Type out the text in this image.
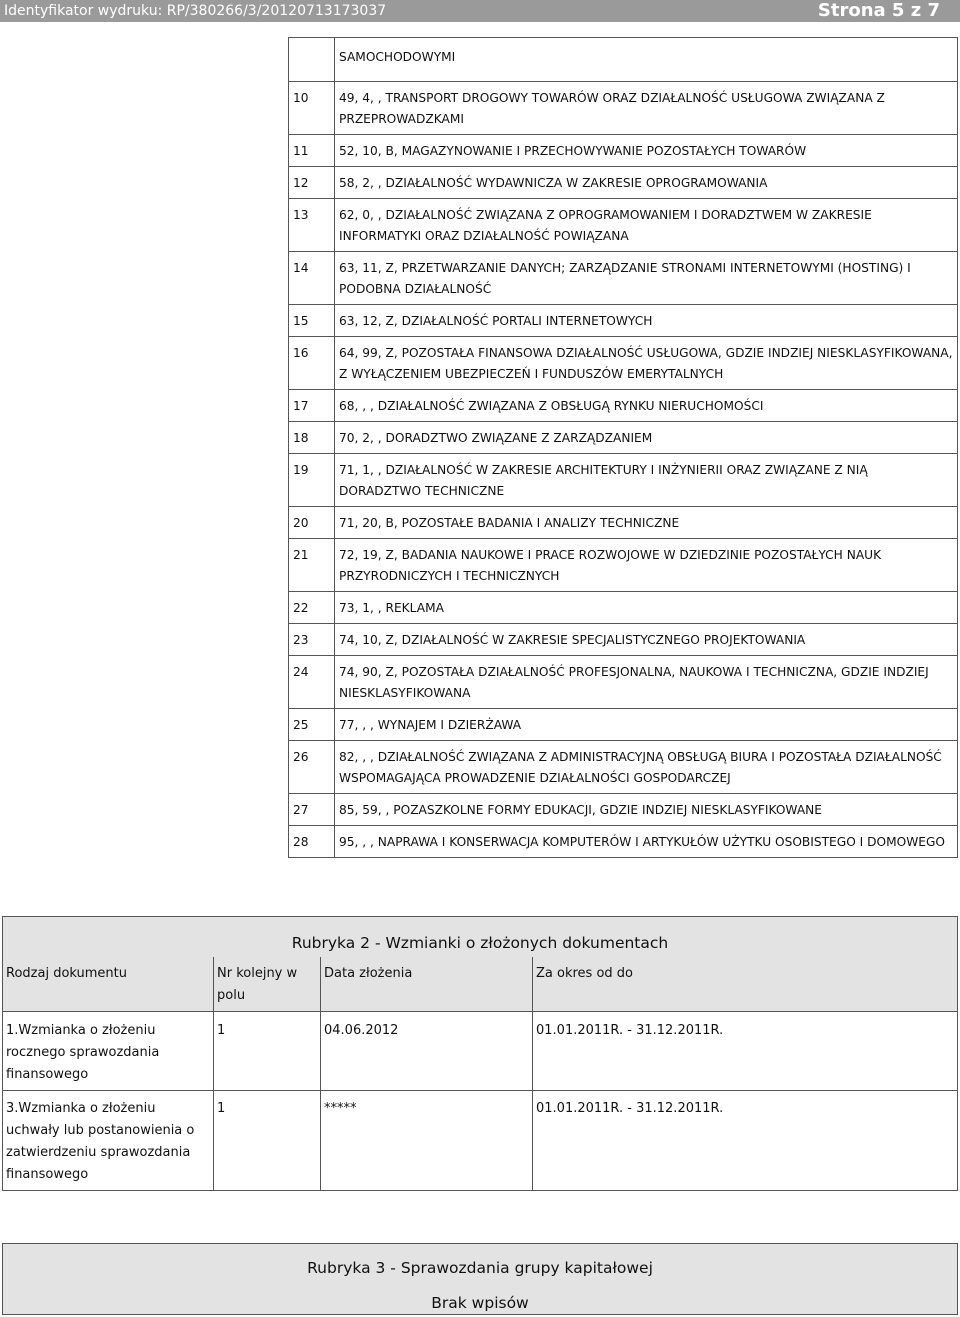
Identyfikator wydruku: RP/380266/3/20120713173037	Strona 5 z 7
	SAMOCHODOWYMI
10	49, 4, , TRANSPORT DROGOWY TOWARÓW ORAZ DZIAŁALNOŚĆ USŁUGOWA ZWIĄZANA Z PRZEPROWADZKAMI
11	52, 10, B, MAGAZYNOWANIE I PRZECHOWYWANIE POZOSTAŁYCH TOWARÓW
12	58, 2, , DZIAŁALNOŚĆ WYDAWNICZA W ZAKRESIE OPROGRAMOWANIA
13	62, 0, , DZIAŁALNOŚĆ ZWIĄZANA Z OPROGRAMOWANIEM I DORADZTWEM W ZAKRESIE INFORMATYKI ORAZ DZIAŁALNOŚĆ POWIĄZANA
14	63, 11, Z, PRZETWARZANIE DANYCH; ZARZĄDZANIE STRONAMI INTERNETOWYMI (HOSTING) I PODOBNA DZIAŁALNOŚĆ
15	63, 12, Z, DZIAŁALNOŚĆ PORTALI INTERNETOWYCH
16	64, 99, Z, POZOSTAŁA FINANSOWA DZIAŁALNOŚĆ USŁUGOWA, GDZIE INDZIEJ NIESKLASYFIKOWANA, Z WYŁĄCZENIEM UBEZPIECZEŃ I FUNDUSZÓW EMERYTALNYCH
17	68, , , DZIAŁALNOŚĆ ZWIĄZANA Z OBSŁUGĄ RYNKU NIERUCHOMOŚCI
18	70, 2, , DORADZTWO ZWIĄZANE Z ZARZĄDZANIEM
19	71, 1, , DZIAŁALNOŚĆ W ZAKRESIE ARCHITEKTURY I INŻYNIERII ORAZ ZWIĄZANE Z NIĄ DORADZTWO TECHNICZNE
20	71, 20, B, POZOSTAŁE BADANIA I ANALIZY TECHNICZNE
21	72, 19, Z, BADANIA NAUKOWE I PRACE ROZWOJOWE W DZIEDZINIE POZOSTAŁYCH NAUK PRZYRODNICZYCH I TECHNICZNYCH
22	73, 1, , REKLAMA
23	74, 10, Z, DZIAŁALNOŚĆ W ZAKRESIE SPECJALISTYCZNEGO PROJEKTOWANIA
24	74, 90, Z, POZOSTAŁA DZIAŁALNOŚĆ PROFESJONALNA, NAUKOWA I TECHNICZNA, GDZIE INDZIEJ NIESKLASYFIKOWANA
25	77, , , WYNAJEM I DZIERŻAWA
26	82, , , DZIAŁALNOŚĆ ZWIĄZANA Z ADMINISTRACYJNĄ OBSŁUGĄ BIURA I POZOSTAŁA DZIAŁALNOŚĆ WSPOMAGAJĄCA PROWADZENIE DZIAŁALNOŚCI GOSPODARCZEJ
27	85, 59, , POZASZKOLNE FORMY EDUKACJI, GDZIE INDZIEJ NIESKLASYFIKOWANE
28	95, , , NAPRAWA I KONSERWACJA KOMPUTERÓW I ARTYKUŁÓW UŻYTKU OSOBISTEGO I DOMOWEGO
Rubryka 2 - Wzmianki o złożonych dokumentach			
Rodzaj dokumentu	Nr kolejny w polu	Data złożenia	Za okres od do
1.Wzmianka o złożeniu rocznego sprawozdania finansowego	1	04.06.2012	01.01.2011R. - 31.12.2011R.
3.Wzmianka o złożeniu uchwały lub postanowienia o zatwierdzeniu sprawozdania finansowego	1	*****	01.01.2011R. - 31.12.2011R.
Rubryka 3 - Sprawozdania grupy kapitałowej
Brak wpisów
